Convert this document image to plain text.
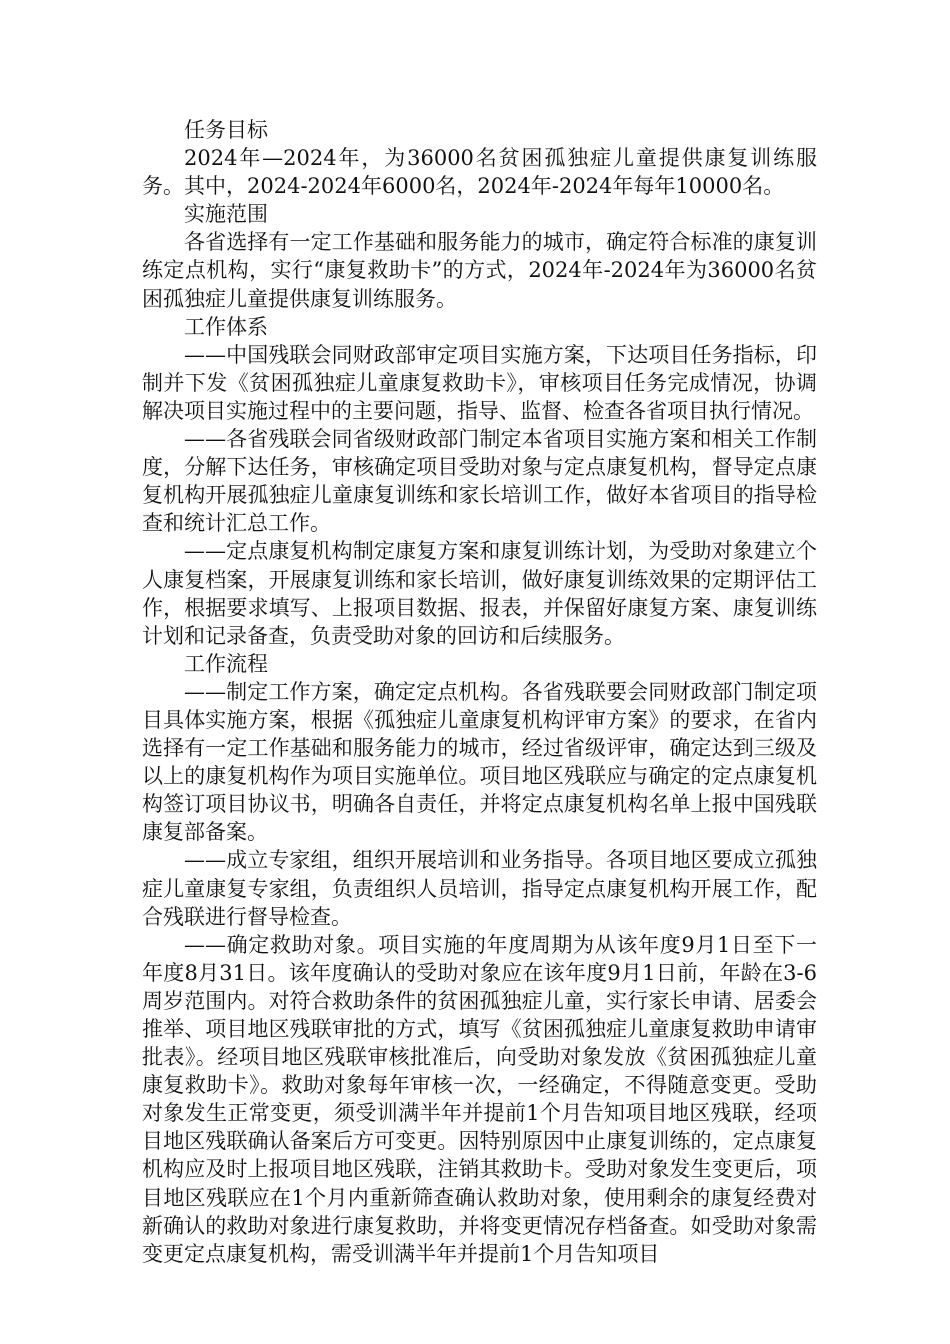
任务目标

2024年—2024年，为36000名贫困孤独症儿童提供康复训练服务。其中，2024-2024年6000名，2024年-2024年每年10000名。

实施范围

各省选择有一定工作基础和服务能力的城市，确定符合标准的康复训练定点机构，实行“康复救助卡”的方式，2024年-2024年为36000名贫困孤独症儿童提供康复训练服务。

工作体系

——中国残联会同财政部审定项目实施方案，下达项目任务指标，印制并下发《贫困孤独症儿童康复救助卡》，审核项目任务完成情况，协调解决项目实施过程中的主要问题，指导、监督、检查各省项目执行情况。

——各省残联会同省级财政部门制定本省项目实施方案和相关工作制度，分解下达任务，审核确定项目受助对象与定点康复机构，督导定点康复机构开展孤独症儿童康复训练和家长培训工作，做好本省项目的指导检查和统计汇总工作。

——定点康复机构制定康复方案和康复训练计划，为受助对象建立个人康复档案，开展康复训练和家长培训，做好康复训练效果的定期评估工作，根据要求填写、上报项目数据、报表，并保留好康复方案、康复训练计划和记录备查，负责受助对象的回访和后续服务。

工作流程

——制定工作方案，确定定点机构。各省残联要会同财政部门制定项目具体实施方案，根据《孤独症儿童康复机构评审方案》的要求，在省内选择有一定工作基础和服务能力的城市，经过省级评审，确定达到三级及以上的康复机构作为项目实施单位。项目地区残联应与确定的定点康复机构签订项目协议书，明确各自责任，并将定点康复机构名单上报中国残联康复部备案。

——成立专家组，组织开展培训和业务指导。各项目地区要成立孤独症儿童康复专家组，负责组织人员培训，指导定点康复机构开展工作，配合残联进行督导检查。

——确定救助对象。项目实施的年度周期为从该年度9月1日至下一年度8月31日。该年度确认的受助对象应在该年度9月1日前，年龄在3-6周岁范围内。对符合救助条件的贫困孤独症儿童，实行家长申请、居委会推举、项目地区残联审批的方式，填写《贫困孤独症儿童康复救助申请审批表》。经项目地区残联审核批准后，向受助对象发放《贫困孤独症儿童康复救助卡》。救助对象每年审核一次，一经确定，不得随意变更。受助对象发生正常变更，须受训满半年并提前1个月告知项目地区残联，经项目地区残联确认备案后方可变更。因特别原因中止康复训练的，定点康复机构应及时上报项目地区残联，注销其救助卡。受助对象发生变更后，项目地区残联应在1个月内重新筛查确认救助对象，使用剩余的康复经费对新确认的救助对象进行康复救助，并将变更情况存档备查。如受助对象需变更定点康复机构，需受训满半年并提前1个月告知项目
